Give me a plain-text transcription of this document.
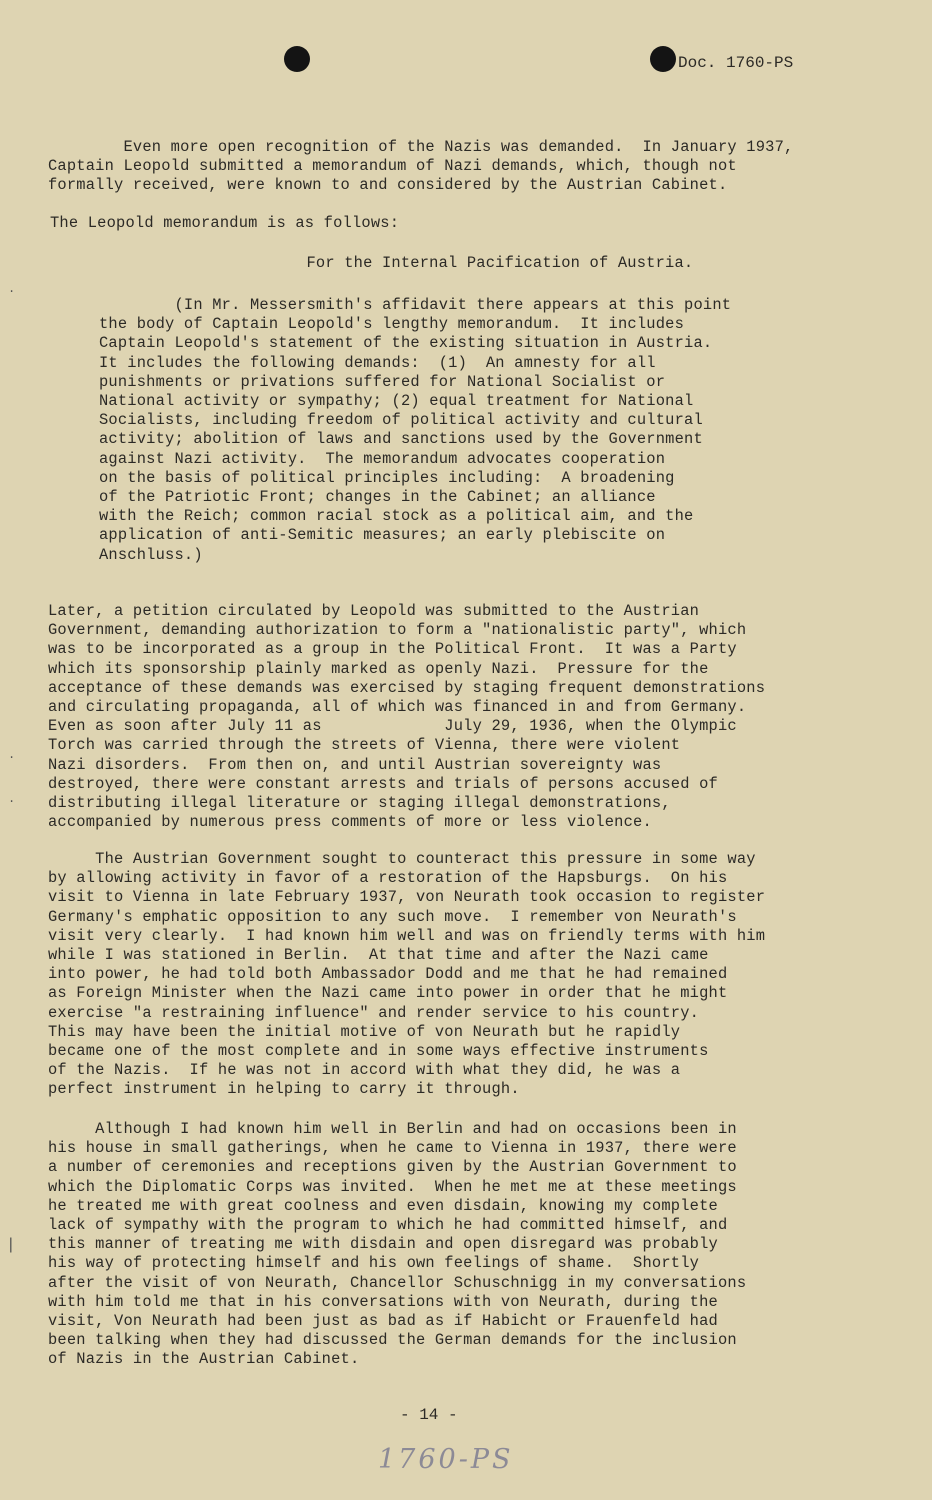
Doc. 1760-PS
Even more open recognition of the Nazis was demanded.  In January 1937,
Captain Leopold submitted a memorandum of Nazi demands, which, though not
formally received, were known to and considered by the Austrian Cabinet.
The Leopold memorandum is as follows:
For the Internal Pacification of Austria.
(In Mr. Messersmith's affidavit there appears at this point
the body of Captain Leopold's lengthy memorandum.  It includes
Captain Leopold's statement of the existing situation in Austria.
It includes the following demands:  (1)  An amnesty for all
punishments or privations suffered for National Socialist or
National activity or sympathy; (2) equal treatment for National
Socialists, including freedom of political activity and cultural
activity; abolition of laws and sanctions used by the Government
against Nazi activity.  The memorandum advocates cooperation
on the basis of political principles including:  A broadening
of the Patriotic Front; changes in the Cabinet; an alliance
with the Reich; common racial stock as a political aim, and the
application of anti-Semitic measures; an early plebiscite on
Anschluss.)
Later, a petition circulated by Leopold was submitted to the Austrian
Government, demanding authorization to form a "nationalistic party", which
was to be incorporated as a group in the Political Front.  It was a Party
which its sponsorship plainly marked as openly Nazi.  Pressure for the
acceptance of these demands was exercised by staging frequent demonstrations
and circulating propaganda, all of which was financed in and from Germany.
Even as soon after July 11 as             July 29, 1936, when the Olympic
Torch was carried through the streets of Vienna, there were violent
Nazi disorders.  From then on, and until Austrian sovereignty was
destroyed, there were constant arrests and trials of persons accused of
distributing illegal literature or staging illegal demonstrations,
accompanied by numerous press comments of more or less violence.
The Austrian Government sought to counteract this pressure in some way
by allowing activity in favor of a restoration of the Hapsburgs.  On his
visit to Vienna in late February 1937, von Neurath took occasion to register
Germany's emphatic opposition to any such move.  I remember von Neurath's
visit very clearly.  I had known him well and was on friendly terms with him
while I was stationed in Berlin.  At that time and after the Nazi came
into power, he had told both Ambassador Dodd and me that he had remained
as Foreign Minister when the Nazi came into power in order that he might
exercise "a restraining influence" and render service to his country.
This may have been the initial motive of von Neurath but he rapidly
became one of the most complete and in some ways effective instruments
of the Nazis.  If he was not in accord with what they did, he was a
perfect instrument in helping to carry it through.
Although I had known him well in Berlin and had on occasions been in
his house in small gatherings, when he came to Vienna in 1937, there were
a number of ceremonies and receptions given by the Austrian Government to
which the Diplomatic Corps was invited.  When he met me at these meetings
he treated me with great coolness and even disdain, knowing my complete
lack of sympathy with the program to which he had committed himself, and
this manner of treating me with disdain and open disregard was probably
his way of protecting himself and his own feelings of shame.  Shortly
after the visit of von Neurath, Chancellor Schuschnigg in my conversations
with him told me that in his conversations with von Neurath, during the
visit, Von Neurath had been just as bad as if Habicht or Frauenfeld had
been talking when they had discussed the German demands for the inclusion
of Nazis in the Austrian Cabinet.
- 14 -
1760-PS
.
.
.
|
